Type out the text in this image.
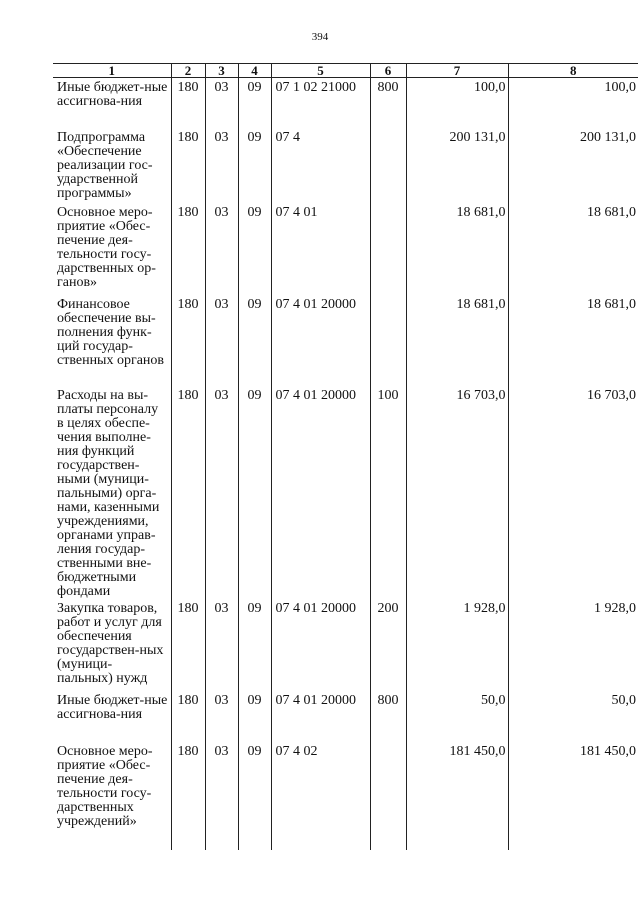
394
1	2	3	4	5	6	7	8
Иные бюджет-ные ассигнова-ния	180	03	09	07 1 02 21000	800	100,0	100,0
Подпрограмма «Обеспечение реализации гос-ударственной программы»	180	03	09	07 4		200 131,0	200 131,0
Основное меро-приятие «Обес-печение дея-тельности госу-дарственных ор-ганов»	180	03	09	07 4 01		18 681,0	18 681,0
Финансовое обеспечение вы-полнения функ-ций государ-ственных органов	180	03	09	07 4 01 20000		18 681,0	18 681,0
Расходы на вы-платы персоналу в целях обеспе-чения выполне-ния функций государствен-ными (муници-пальными) орга-нами, казенными учреждениями, органами управ-ления государ-ственными вне-бюджетными фондами	180	03	09	07 4 01 20000	100	16 703,0	16 703,0
Закупка товаров, работ и услуг для обеспечения государствен-ных (муници-пальных) нужд	180	03	09	07 4 01 20000	200	1 928,0	1 928,0
Иные бюджет-ные ассигнова-ния	180	03	09	07 4 01 20000	800	50,0	50,0
Основное меро-приятие «Обес-печение дея-тельности госу-дарственных учреждений»	180	03	09	07 4 02		181 450,0	181 450,0
